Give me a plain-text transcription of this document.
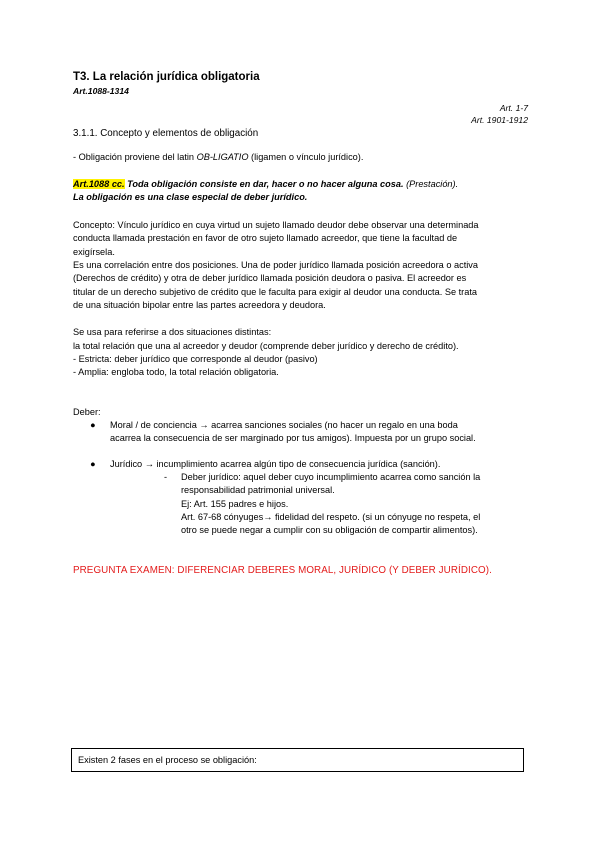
T3. La relación jurídica obligatoria
Art.1088-1314
Art. 1-7
Art. 1901-1912
3.1.1. Concepto y elementos de obligación

- Obligación proviene del latin OB-LIGATIO (ligamen o vínculo jurídico).

Art.1088 cc. Toda obligación consiste en dar, hacer o no hacer alguna cosa. (Prestación).

La obligación es una clase especial de deber jurídico.

Concepto: Vínculo jurídico en cuya virtud un sujeto llamado deudor debe observar una determinada
conducta llamada prestación en favor de otro sujeto llamado acreedor, que tiene la facultad de
exigírsela.
Es una correlación entre dos posiciones. Una de poder jurídico llamada posición acreedora o activa
(Derechos de crédito) y otra de deber jurídico llamada posición deudora o pasiva. El acreedor es
titular de un derecho subjetivo de crédito que le faculta para exigir al deudor una conducta. Se trata
de una situación bipolar entre las partes acreedora y deudora.
Se usa para referirse a dos situaciones distintas:
la total relación que una al acreedor y deudor (comprende deber jurídico y derecho de crédito).
- Estricta: deber jurídico que corresponde al deudor (pasivo)
- Amplia: engloba todo, la total relación obligatoria.
Deber:
● Moral / de conciencia → acarrea sanciones sociales (no hacer un regalo en una boda
acarrea la consecuencia de ser marginado por tus amigos). Impuesta por un grupo social.
● Jurídico → incumplimiento acarrea algún tipo de consecuencia jurídica (sanción).
- Deber jurídico: aquel deber cuyo incumplimiento acarrea como sanción la
responsabilidad patrimonial universal.
Ej: Art. 155 padres e hijos.
Art. 67-68 cónyuges→ fidelidad del respeto. (si un cónyuge no respeta, el
otro se puede negar a cumplir con su obligación de compartir alimentos).
PREGUNTA EXAMEN: DIFERENCIAR DEBERES MORAL, JURÍDICO (Y DEBER JURÍDICO).
Existen 2 fases en el proceso se obligación:
